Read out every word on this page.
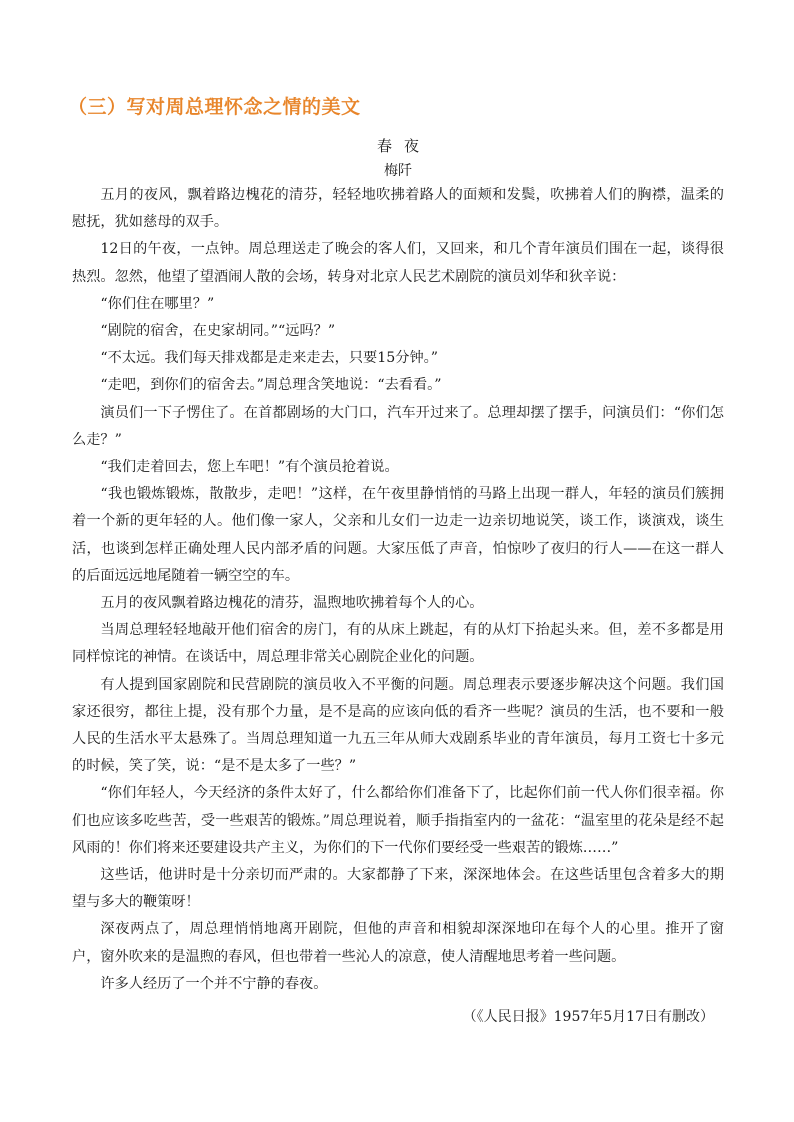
（三）写对周总理怀念之情的美文
春夜
梅阡

五月的夜风，飘着路边槐花的清芬，轻轻地吹拂着路人的面颊和发鬓，吹拂着人们的胸襟，温柔的慰抚，犹如慈母的双手。

12日的午夜，一点钟。周总理送走了晚会的客人们，又回来，和几个青年演员们围在一起，谈得很热烈。忽然，他望了望酒闹人散的会场，转身对北京人民艺术剧院的演员刘华和狄辛说：

“你们住在哪里？”

“剧院的宿舍，在史家胡同。”“远吗？”

“不太远。我们每天排戏都是走来走去，只要15分钟。”

“走吧，到你们的宿舍去。”周总理含笑地说：“去看看。”

演员们一下子愣住了。在首都剧场的大门口，汽车开过来了。总理却摆了摆手，问演员们：“你们怎么走？”

“我们走着回去，您上车吧！”有个演员抢着说。

“我也锻炼锻炼，散散步，走吧！”这样，在午夜里静悄悄的马路上出现一群人，年轻的演员们簇拥着一个新的更年轻的人。他们像一家人，父亲和儿女们一边走一边亲切地说笑，谈工作，谈演戏，谈生活，也谈到怎样正确处理人民内部矛盾的问题。大家压低了声音，怕惊吵了夜归的行人——在这一群人的后面远远地尾随着一辆空空的车。

五月的夜风飘着路边槐花的清芬，温煦地吹拂着每个人的心。

当周总理轻轻地敲开他们宿舍的房门，有的从床上跳起，有的从灯下抬起头来。但，差不多都是用同样惊诧的神情。在谈话中，周总理非常关心剧院企业化的问题。

有人提到国家剧院和民营剧院的演员收入不平衡的问题。周总理表示要逐步解决这个问题。我们国家还很穷，都往上提，没有那个力量，是不是高的应该向低的看齐一些呢？演员的生活，也不要和一般人民的生活水平太悬殊了。当周总理知道一九五三年从师大戏剧系毕业的青年演员，每月工资七十多元的时候，笑了笑，说：“是不是太多了一些？”

“你们年轻人，今天经济的条件太好了，什么都给你们准备下了，比起你们前一代人你们很幸福。你们也应该多吃些苦，受一些艰苦的锻炼。”周总理说着，顺手指指室内的一盆花：“温室里的花朵是经不起风雨的！你们将来还要建设共产主义，为你们的下一代你们要经受一些艰苦的锻炼……”

这些话，他讲时是十分亲切而严肃的。大家都静了下来，深深地体会。在这些话里包含着多大的期望与多大的鞭策呀！

深夜两点了，周总理悄悄地离开剧院，但他的声音和相貌却深深地印在每个人的心里。推开了窗户，窗外吹来的是温煦的春风，但也带着一些沁人的凉意，使人清醒地思考着一些问题。

许多人经历了一个并不宁静的春夜。

（《人民日报》1957年5月17日有删改）
